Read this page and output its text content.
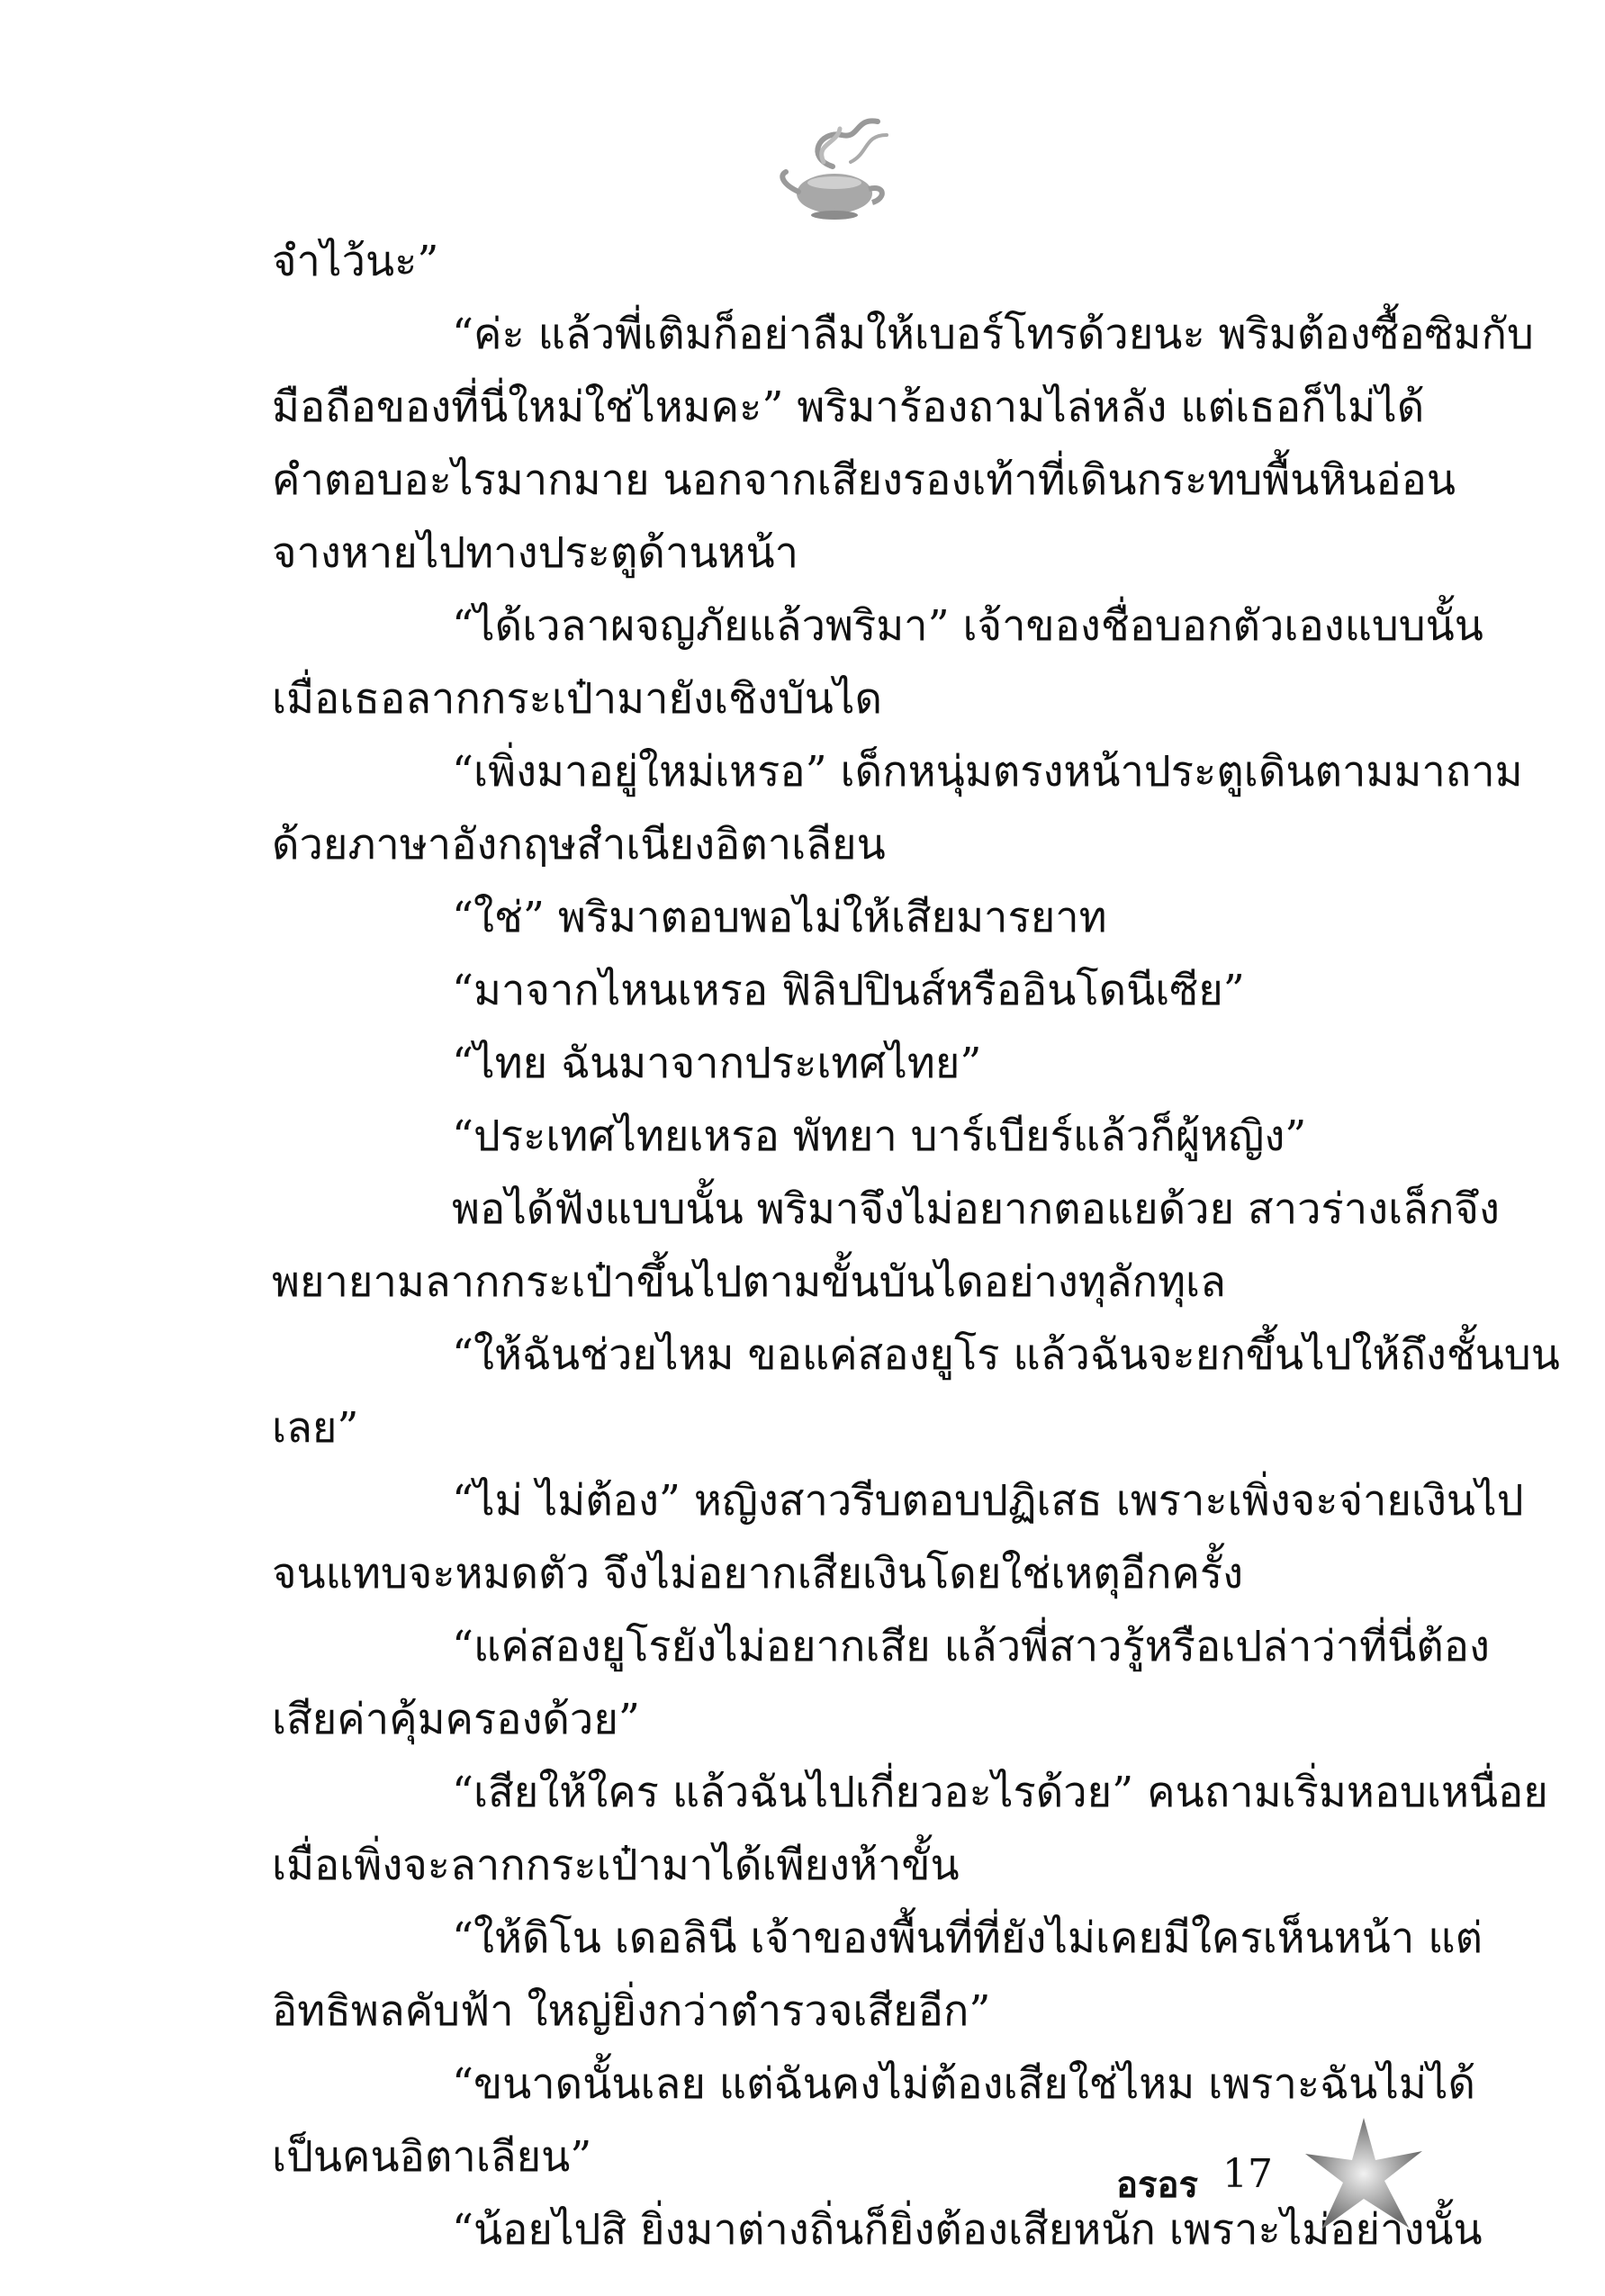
จำไว้นะ”
“ค่ะ แล้วพี่เติมก็อย่าลืมให้เบอร์โทรด้วยนะ พริมต้องซื้อซิมกับ
มือถือของที่นี่ใหม่ใช่ไหมคะ” พริมาร้องถามไล่หลัง แต่เธอก็ไม่ได้
คำตอบอะไรมากมาย นอกจากเสียงรองเท้าที่เดินกระทบพื้นหินอ่อน
จางหายไปทางประตูด้านหน้า
“ได้เวลาผจญภัยแล้วพริมา” เจ้าของชื่อบอกตัวเองแบบนั้น
เมื่อเธอลากกระเป๋ามายังเชิงบันได
“เพิ่งมาอยู่ใหม่เหรอ” เด็กหนุ่มตรงหน้าประตูเดินตามมาถาม
ด้วยภาษาอังกฤษสำเนียงอิตาเลียน
“ใช่” พริมาตอบพอไม่ให้เสียมารยาท
“มาจากไหนเหรอ ฟิลิปปินส์หรืออินโดนีเซีย”
“ไทย ฉันมาจากประเทศไทย”
“ประเทศไทยเหรอ พัทยา บาร์เบียร์แล้วก็ผู้หญิง”
พอได้ฟังแบบนั้น พริมาจึงไม่อยากตอแยด้วย สาวร่างเล็กจึง
พยายามลากกระเป๋าขึ้นไปตามขั้นบันไดอย่างทุลักทุเล
“ให้ฉันช่วยไหม ขอแค่สองยูโร แล้วฉันจะยกขึ้นไปให้ถึงชั้นบน
เลย”
“ไม่ ไม่ต้อง” หญิงสาวรีบตอบปฏิเสธ เพราะเพิ่งจะจ่ายเงินไป
จนแทบจะหมดตัว จึงไม่อยากเสียเงินโดยใช่เหตุอีกครั้ง
“แค่สองยูโรยังไม่อยากเสีย แล้วพี่สาวรู้หรือเปล่าว่าที่นี่ต้อง
เสียค่าคุ้มครองด้วย”
“เสียให้ใคร แล้วฉันไปเกี่ยวอะไรด้วย” คนถามเริ่มหอบเหนื่อย
เมื่อเพิ่งจะลากกระเป๋ามาได้เพียงห้าขั้น
“ให้ดิโน เดอลินี เจ้าของพื้นที่ที่ยังไม่เคยมีใครเห็นหน้า แต่
อิทธิพลคับฟ้า ใหญ่ยิ่งกว่าตำรวจเสียอีก”
“ขนาดนั้นเลย แต่ฉันคงไม่ต้องเสียใช่ไหม เพราะฉันไม่ได้
เป็นคนอิตาเลียน”
“น้อยไปสิ ยิ่งมาต่างถิ่นก็ยิ่งต้องเสียหนัก เพราะไม่อย่างนั้น
อรอร 17
